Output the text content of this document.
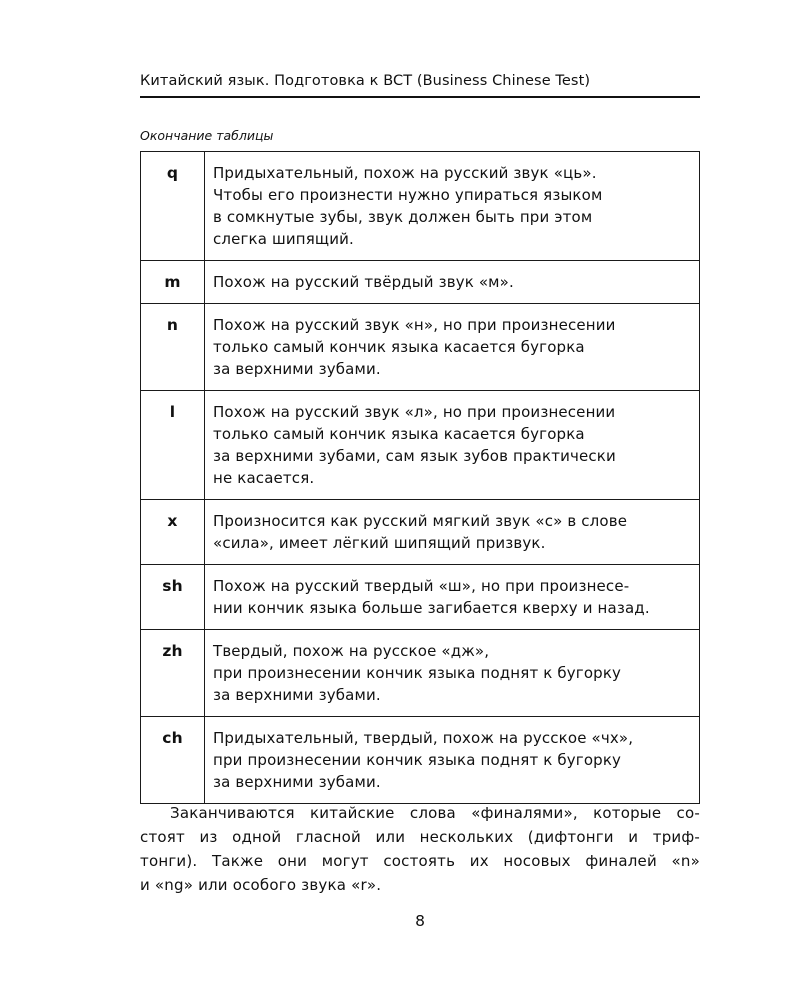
Китайский язык. Подготовка к BCT (Business Chinese Test)
Окончание таблицы
q	Придыхательный, похож на русский звук «ць».
Чтобы его произнести нужно упираться языком
в сомкнутые зубы, звук должен быть при этом
слегка шипящий.
m	Похож на русский твёрдый звук «м».
n	Похож на русский звук «н», но при произнесении
только самый кончик языка касается бугорка
за верхними зубами.
l	Похож на русский звук «л», но при произнесении
только самый кончик языка касается бугорка
за верхними зубами, сам язык зубов практически
не касается.
x	Произносится как русский мягкий звук «с» в слове
«сила», имеет лёгкий шипящий призвук.
sh	Похож на русский твердый «ш», но при произнесе-
нии кончик языка больше загибается кверху и назад.
zh	Твердый, похож на русское «дж»,
при произнесении кончик языка поднят к бугорку
за верхними зубами.
ch	Придыхательный, твердый, похож на русское «чх»,
при произнесении кончик языка поднят к бугорку
за верхними зубами.
Заканчиваются китайские слова «финалями», которые со-
стоят из одной гласной или нескольких (дифтонги и триф-
тонги). Также они могут состоять их носовых финалей «n»
и «ng» или особого звука «r».
8
